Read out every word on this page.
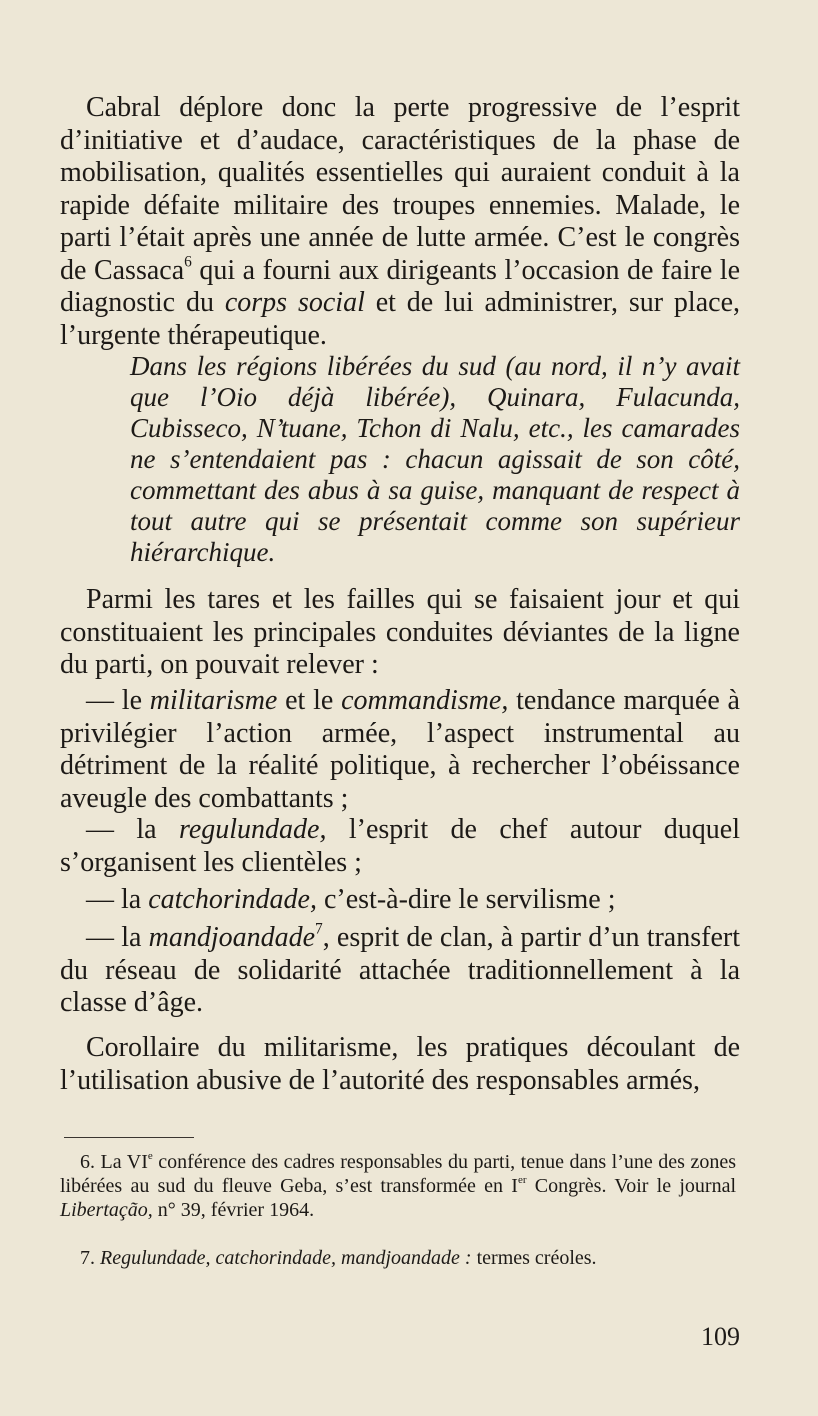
Cabral déplore donc la perte progressive de l’esprit d’initiative et d’audace, caractéristiques de la phase de mobilisation, qualités essentielles qui auraient conduit à la rapide défaite militaire des troupes ennemies. Malade, le parti l’était après une année de lutte armée. C’est le congrès de Cassaca$^6$ qui a fourni aux dirigeants l’occasion de faire le diagnostic du corps social et de lui administrer, sur place, l’urgente thérapeutique.

Dans les régions libérées du sud (au nord, il n’y avait que l’Oio déjà libérée), Quinara, Fulacunda, Cubisseco, N’tuane, Tchon di Nalu, etc., les camarades ne s’entendaient pas : chacun agissait de son côté, commettant des abus à sa guise, manquant de respect à tout autre qui se présentait comme son supérieur hiérarchique.

Parmi les tares et les failles qui se faisaient jour et qui constituaient les principales conduites déviantes de la ligne du parti, on pouvait relever :

— le militarisme et le commandisme, tendance marquée à privilégier l’action armée, l’aspect instrumental au détriment de la réalité politique, à rechercher l’obéissance aveugle des combattants ;

— la regulundade, l’esprit de chef autour duquel s’organisent les clientèles ;

— la catchorindade, c’est-à-dire le servilisme ;

— la mandjoandade$^7$, esprit de clan, à partir d’un transfert du réseau de solidarité attachée traditionnellement à la classe d’âge.

Corollaire du militarisme, les pratiques découlant de l’utilisation abusive de l’autorité des responsables armés,

6. La VIe conférence des cadres responsables du parti, tenue dans l’une des zones libérées au sud du fleuve Geba, s’est transformée en Ier Congrès. Voir le journal Libertação, n° 39, février 1964.

7. Regulundade, catchorindade, mandjoandade : termes créoles.

109
